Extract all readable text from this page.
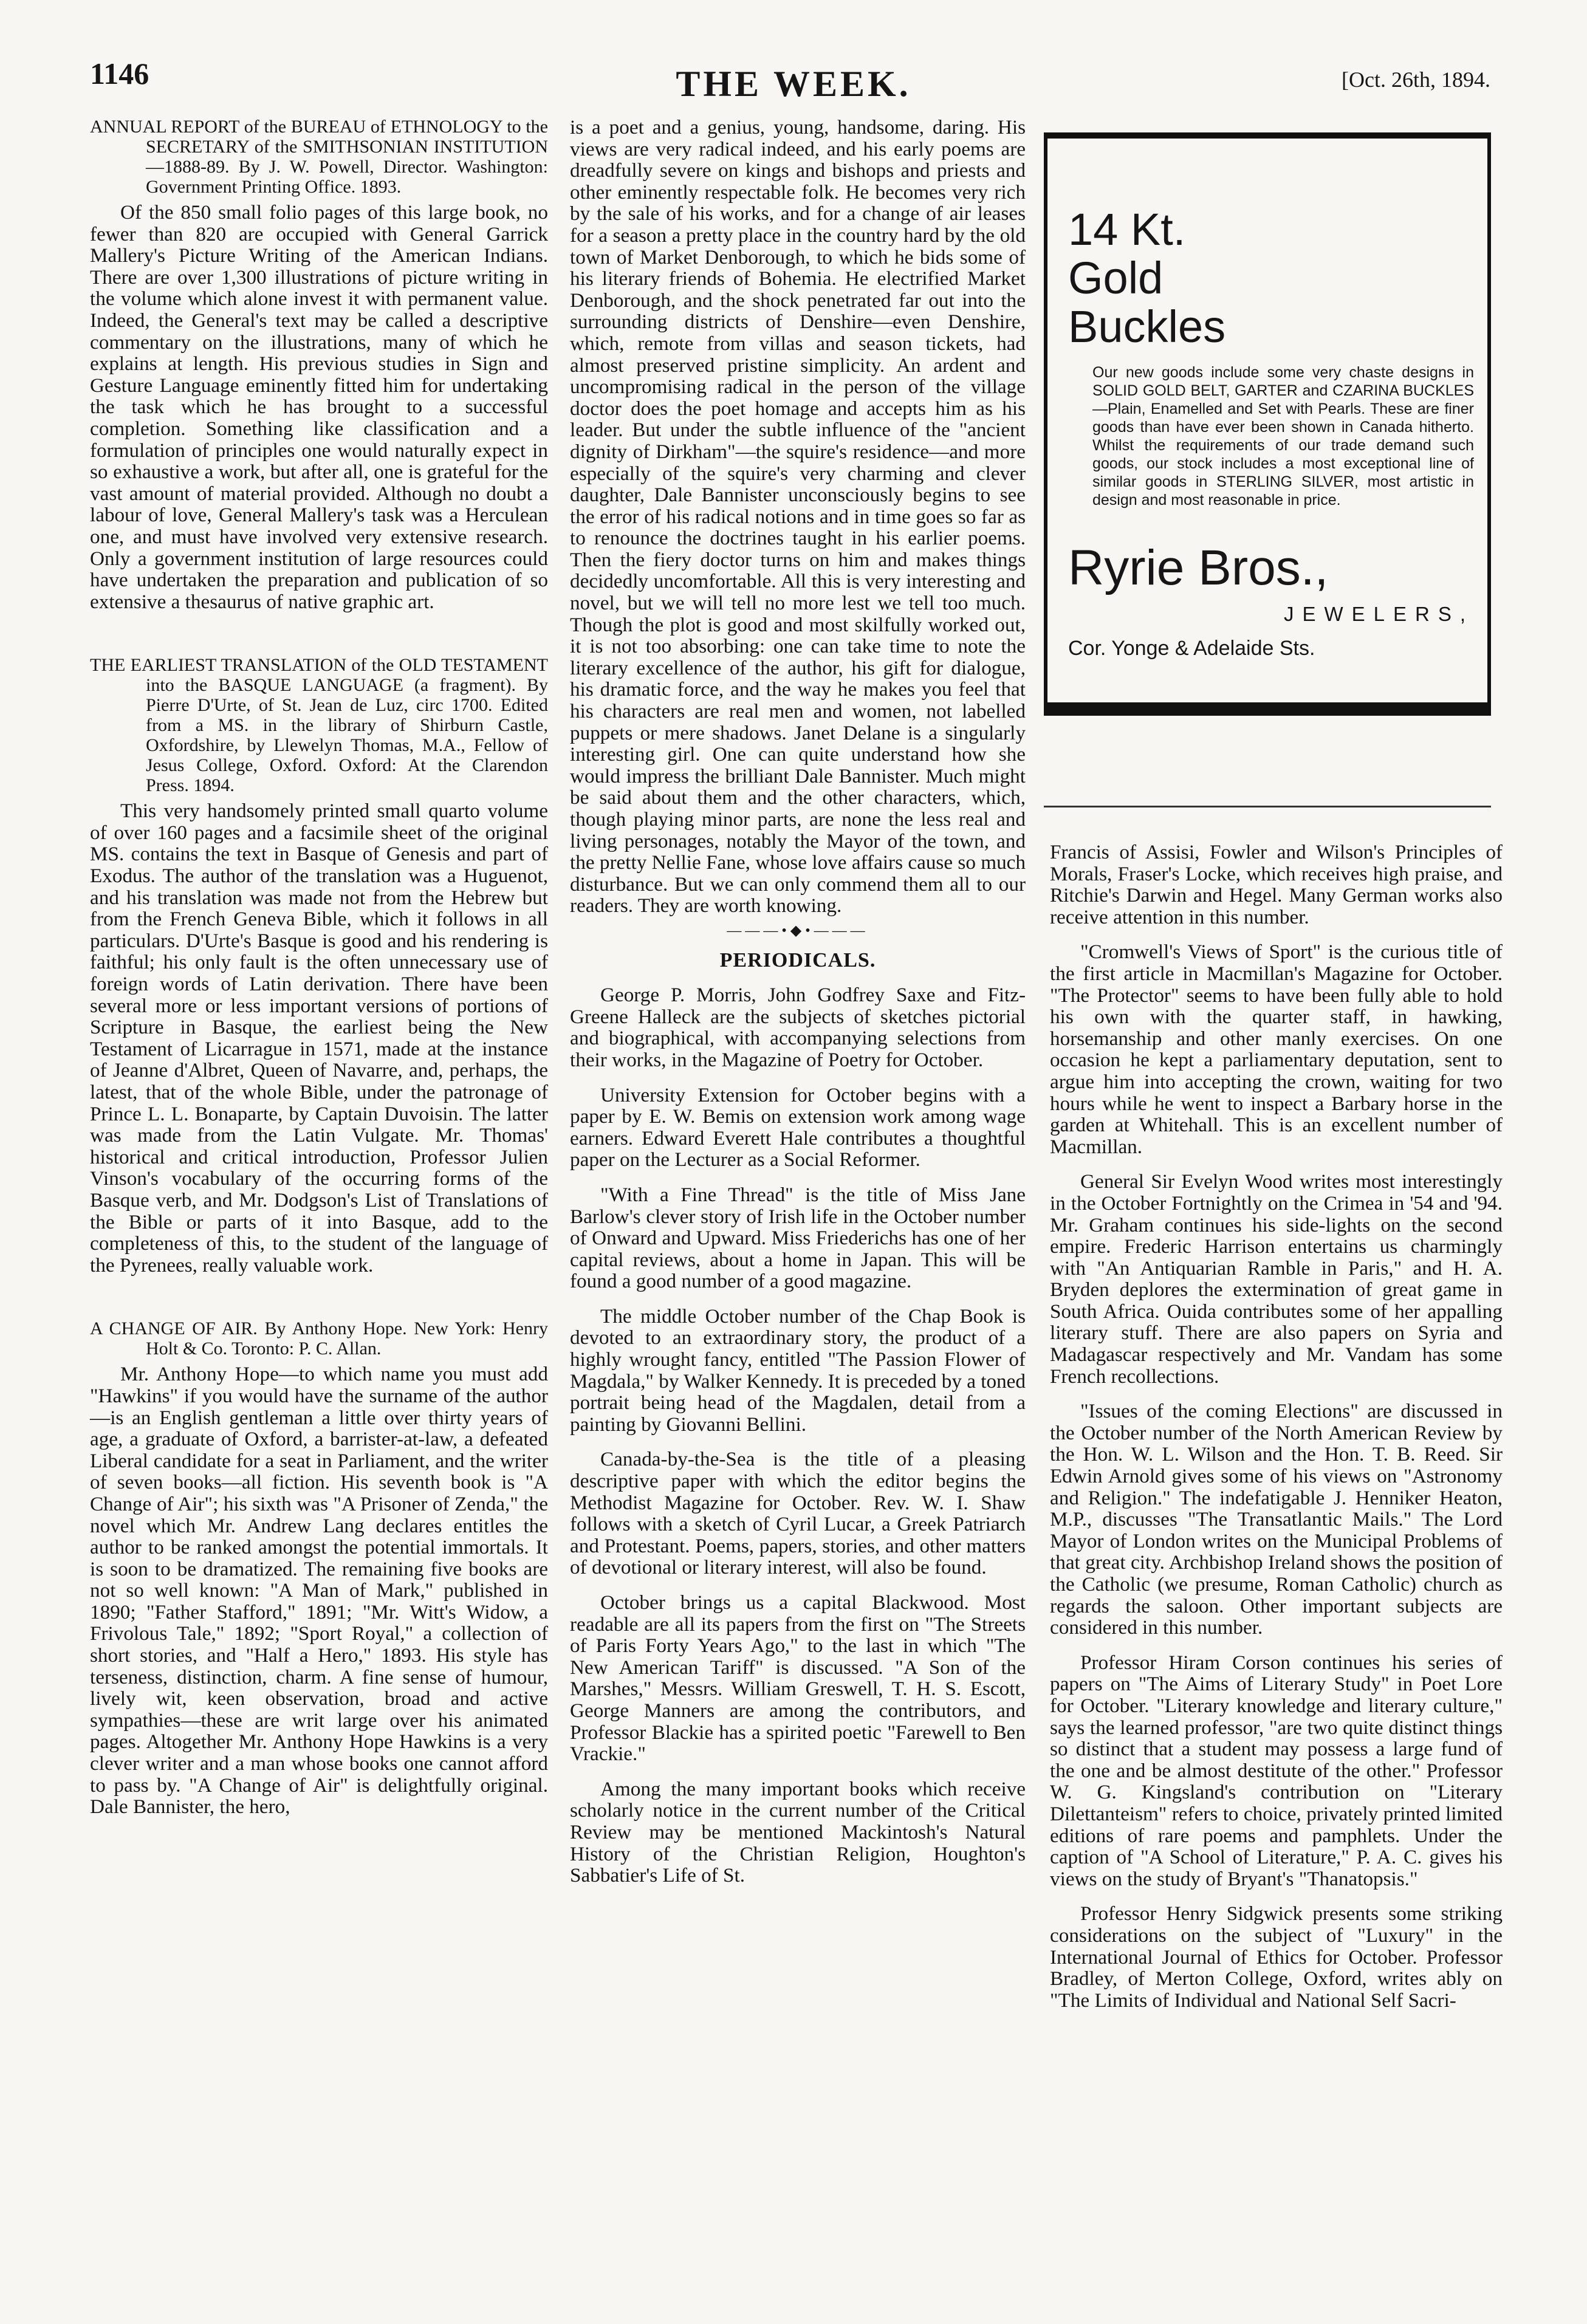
1146	THE WEEK.	[Oct. 26th, 1894.
ANNUAL REPORT of the BUREAU of ETHNOLOGY to the SECRETARY of the SMITHSONIAN INSTITUTION—1888-89. By J. W. Powell, Director. Washington: Government Printing Office. 1893.

Of the 850 small folio pages of this large book, no fewer than 820 are occupied with General Garrick Mallery's Picture Writing of the American Indians. There are over 1,300 illustrations of picture writing in the volume which alone invest it with permanent value. Indeed, the General's text may be called a descriptive commentary on the illustrations, many of which he explains at length. His previous studies in Sign and Gesture Language eminently fitted him for undertaking the task which he has brought to a successful completion. Something like classification and a formulation of principles one would naturally expect in so exhaustive a work, but after all, one is grateful for the vast amount of material provided. Although no doubt a labour of love, General Mallery's task was a Herculean one, and must have involved very extensive research. Only a government institution of large resources could have undertaken the preparation and publication of so extensive a thesaurus of native graphic art.

THE EARLIEST TRANSLATION of the OLD TESTAMENT into the BASQUE LANGUAGE (a fragment). By Pierre D'Urte, of St. Jean de Luz, circ 1700. Edited from a MS. in the library of Shirburn Castle, Oxfordshire, by Llewelyn Thomas, M.A., Fellow of Jesus College, Oxford. Oxford: At the Clarendon Press. 1894.

This very handsomely printed small quarto volume of over 160 pages and a facsimile sheet of the original MS. contains the text in Basque of Genesis and part of Exodus. The author of the translation was a Huguenot, and his translation was made not from the Hebrew but from the French Geneva Bible, which it follows in all particulars. D'Urte's Basque is good and his rendering is faithful; his only fault is the often unnecessary use of foreign words of Latin derivation. There have been several more or less important versions of portions of Scripture in Basque, the earliest being the New Testament of Licarrague in 1571, made at the instance of Jeanne d'Albret, Queen of Navarre, and, perhaps, the latest, that of the whole Bible, under the patronage of Prince L. L. Bonaparte, by Captain Duvoisin. The latter was made from the Latin Vulgate. Mr. Thomas' historical and critical introduction, Professor Julien Vinson's vocabulary of the occurring forms of the Basque verb, and Mr. Dodgson's List of Translations of the Bible or parts of it into Basque, add to the completeness of this, to the student of the language of the Pyrenees, really valuable work.

A CHANGE OF AIR. By Anthony Hope. New York: Henry Holt & Co. Toronto: P. C. Allan.

Mr. Anthony Hope—to which name you must add "Hawkins" if you would have the surname of the author—is an English gentleman a little over thirty years of age, a graduate of Oxford, a barrister-at-law, a defeated Liberal candidate for a seat in Parliament, and the writer of seven books—all fiction. His seventh book is "A Change of Air"; his sixth was "A Prisoner of Zenda," the novel which Mr. Andrew Lang declares entitles the author to be ranked amongst the potential immortals. It is soon to be dramatized. The remaining five books are not so well known: "A Man of Mark," published in 1890; "Father Stafford," 1891; "Mr. Witt's Widow, a Frivolous Tale," 1892; "Sport Royal," a collection of short stories, and "Half a Hero," 1893. His style has terseness, distinction, charm. A fine sense of humour, lively wit, keen observation, broad and active sympathies—these are writ large over his animated pages. Altogether Mr. Anthony Hope Hawkins is a very clever writer and a man whose books one cannot afford to pass by. "A Change of Air" is delightfully original. Dale Bannister, the hero,

is a poet and a genius, young, handsome, daring. His views are very radical indeed, and his early poems are dreadfully severe on kings and bishops and priests and other eminently respectable folk. He becomes very rich by the sale of his works, and for a change of air leases for a season a pretty place in the country hard by the old town of Market Denborough, to which he bids some of his literary friends of Bohemia. He electrified Market Denborough, and the shock penetrated far out into the surrounding districts of Denshire—even Denshire, which, remote from villas and season tickets, had almost preserved pristine simplicity. An ardent and uncompromising radical in the person of the village doctor does the poet homage and accepts him as his leader. But under the subtle influence of the "ancient dignity of Dirkham"—the squire's residence—and more especially of the squire's very charming and clever daughter, Dale Bannister unconsciously begins to see the error of his radical notions and in time goes so far as to renounce the doctrines taught in his earlier poems. Then the fiery doctor turns on him and makes things decidedly uncomfortable. All this is very interesting and novel, but we will tell no more lest we tell too much. Though the plot is good and most skilfully worked out, it is not too absorbing: one can take time to note the literary excellence of the author, his gift for dialogue, his dramatic force, and the way he makes you feel that his characters are real men and women, not labelled puppets or mere shadows. Janet Delane is a singularly interesting girl. One can quite understand how she would impress the brilliant Dale Bannister. Much might be said about them and the other characters, which, though playing minor parts, are none the less real and living personages, notably the Mayor of the town, and the pretty Nellie Fane, whose love affairs cause so much disturbance. But we can only commend them all to our readers. They are worth knowing.

———•◆•———
PERIODICALS.

George P. Morris, John Godfrey Saxe and Fitz-Greene Halleck are the subjects of sketches pictorial and biographical, with accompanying selections from their works, in the Magazine of Poetry for October.

University Extension for October begins with a paper by E. W. Bemis on extension work among wage earners. Edward Everett Hale contributes a thoughtful paper on the Lecturer as a Social Reformer.

"With a Fine Thread" is the title of Miss Jane Barlow's clever story of Irish life in the October number of Onward and Upward. Miss Friederichs has one of her capital reviews, about a home in Japan. This will be found a good number of a good magazine.

The middle October number of the Chap Book is devoted to an extraordinary story, the product of a highly wrought fancy, entitled "The Passion Flower of Magdala," by Walker Kennedy. It is preceded by a toned portrait being head of the Magdalen, detail from a painting by Giovanni Bellini.

Canada-by-the-Sea is the title of a pleasing descriptive paper with which the editor begins the Methodist Magazine for October. Rev. W. I. Shaw follows with a sketch of Cyril Lucar, a Greek Patriarch and Protestant. Poems, papers, stories, and other matters of devotional or literary interest, will also be found.

October brings us a capital Blackwood. Most readable are all its papers from the first on "The Streets of Paris Forty Years Ago," to the last in which "The New American Tariff" is discussed. "A Son of the Marshes," Messrs. William Greswell, T. H. S. Escott, George Manners are among the contributors, and Professor Blackie has a spirited poetic "Farewell to Ben Vrackie."

Among the many important books which receive scholarly notice in the current number of the Critical Review may be mentioned Mackintosh's Natural History of the Christian Religion, Houghton's Sabbatier's Life of St.

14 Kt.
Gold
Buckles
Our new goods include some very chaste designs in SOLID GOLD BELT, GARTER and CZARINA BUCKLES—Plain, Enamelled and Set with Pearls. These are finer goods than have ever been shown in Canada hitherto. Whilst the requirements of our trade demand such goods, our stock includes a most exceptional line of similar goods in STERLING SILVER, most artistic in design and most reasonable in price.
Ryrie Bros.,
JEWELERS,
Cor. Yonge & Adelaide Sts.

Francis of Assisi, Fowler and Wilson's Principles of Morals, Fraser's Locke, which receives high praise, and Ritchie's Darwin and Hegel. Many German works also receive attention in this number.

"Cromwell's Views of Sport" is the curious title of the first article in Macmillan's Magazine for October. "The Protector" seems to have been fully able to hold his own with the quarter staff, in hawking, horsemanship and other manly exercises. On one occasion he kept a parliamentary deputation, sent to argue him into accepting the crown, waiting for two hours while he went to inspect a Barbary horse in the garden at Whitehall. This is an excellent number of Macmillan.

General Sir Evelyn Wood writes most interestingly in the October Fortnightly on the Crimea in '54 and '94. Mr. Graham continues his side-lights on the second empire. Frederic Harrison entertains us charmingly with "An Antiquarian Ramble in Paris," and H. A. Bryden deplores the extermination of great game in South Africa. Ouida contributes some of her appalling literary stuff. There are also papers on Syria and Madagascar respectively and Mr. Vandam has some French recollections.

"Issues of the coming Elections" are discussed in the October number of the North American Review by the Hon. W. L. Wilson and the Hon. T. B. Reed. Sir Edwin Arnold gives some of his views on "Astronomy and Religion." The indefatigable J. Henniker Heaton, M.P., discusses "The Transatlantic Mails." The Lord Mayor of London writes on the Municipal Problems of that great city. Archbishop Ireland shows the position of the Catholic (we presume, Roman Catholic) church as regards the saloon. Other important subjects are considered in this number.

Professor Hiram Corson continues his series of papers on "The Aims of Literary Study" in Poet Lore for October. "Literary knowledge and literary culture," says the learned professor, "are two quite distinct things so distinct that a student may possess a large fund of the one and be almost destitute of the other." Professor W. G. Kingsland's contribution on "Literary Dilettanteism" refers to choice, privately printed limited editions of rare poems and pamphlets. Under the caption of "A School of Literature," P. A. C. gives his views on the study of Bryant's "Thanatopsis."

Professor Henry Sidgwick presents some striking considerations on the subject of "Luxury" in the International Journal of Ethics for October. Professor Bradley, of Merton College, Oxford, writes ably on "The Limits of Individual and National Self Sacri-
